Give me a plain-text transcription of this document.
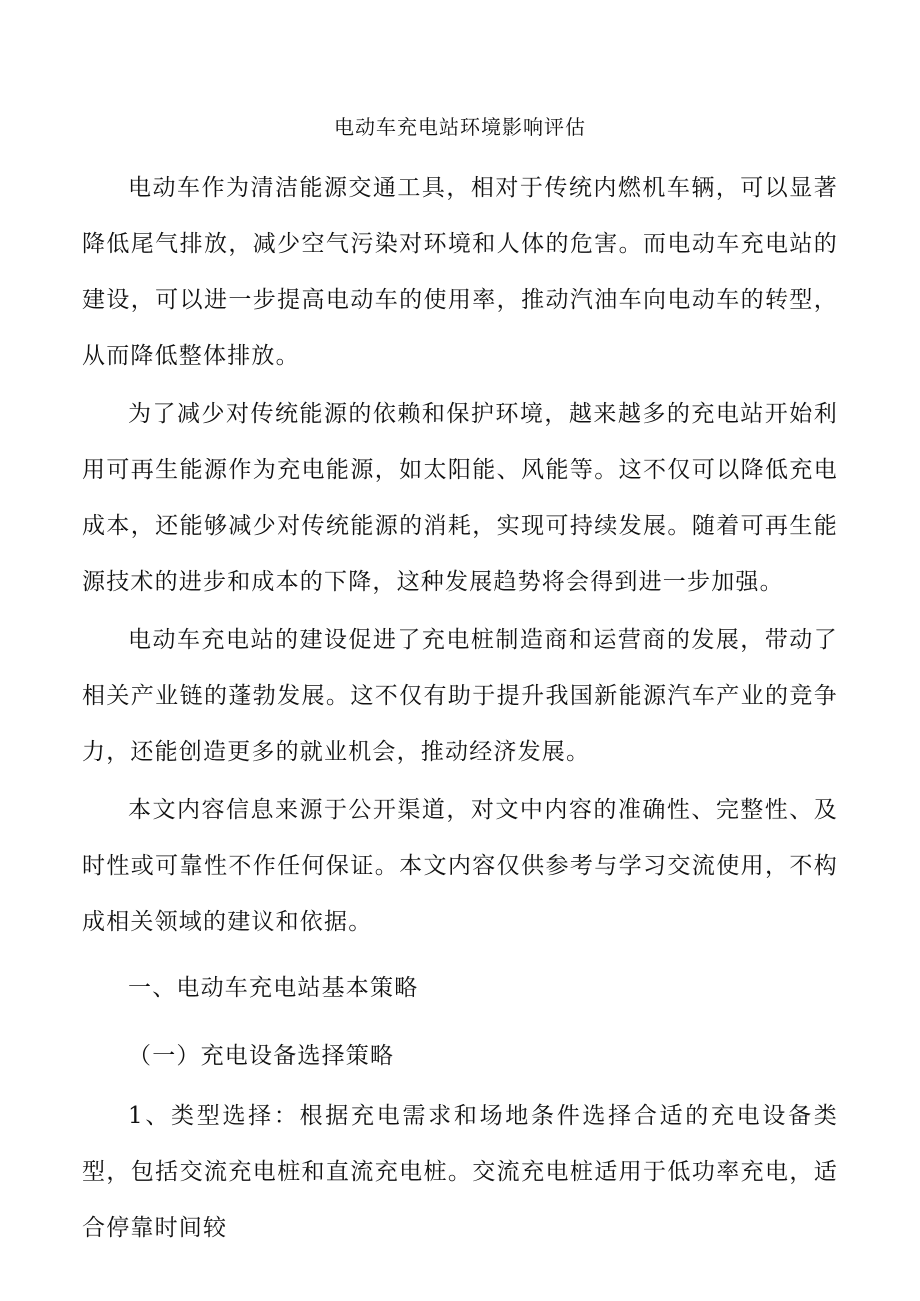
电动车充电站环境影响评估

电动车作为清洁能源交通工具，相对于传统内燃机车辆，可以显著降低尾气排放，减少空气污染对环境和人体的危害。而电动车充电站的建设，可以进一步提高电动车的使用率，推动汽油车向电动车的转型，从而降低整体排放。

为了减少对传统能源的依赖和保护环境，越来越多的充电站开始利用可再生能源作为充电能源，如太阳能、风能等。这不仅可以降低充电成本，还能够减少对传统能源的消耗，实现可持续发展。随着可再生能源技术的进步和成本的下降，这种发展趋势将会得到进一步加强。

电动车充电站的建设促进了充电桩制造商和运营商的发展，带动了相关产业链的蓬勃发展。这不仅有助于提升我国新能源汽车产业的竞争力，还能创造更多的就业机会，推动经济发展。

本文内容信息来源于公开渠道，对文中内容的准确性、完整性、及时性或可靠性不作任何保证。本文内容仅供参考与学习交流使用，不构成相关领域的建议和依据。

一、电动车充电站基本策略
（一）充电设备选择策略

1、类型选择：根据充电需求和场地条件选择合适的充电设备类型，包括交流充电桩和直流充电桩。交流充电桩适用于低功率充电，适合停靠时间较
